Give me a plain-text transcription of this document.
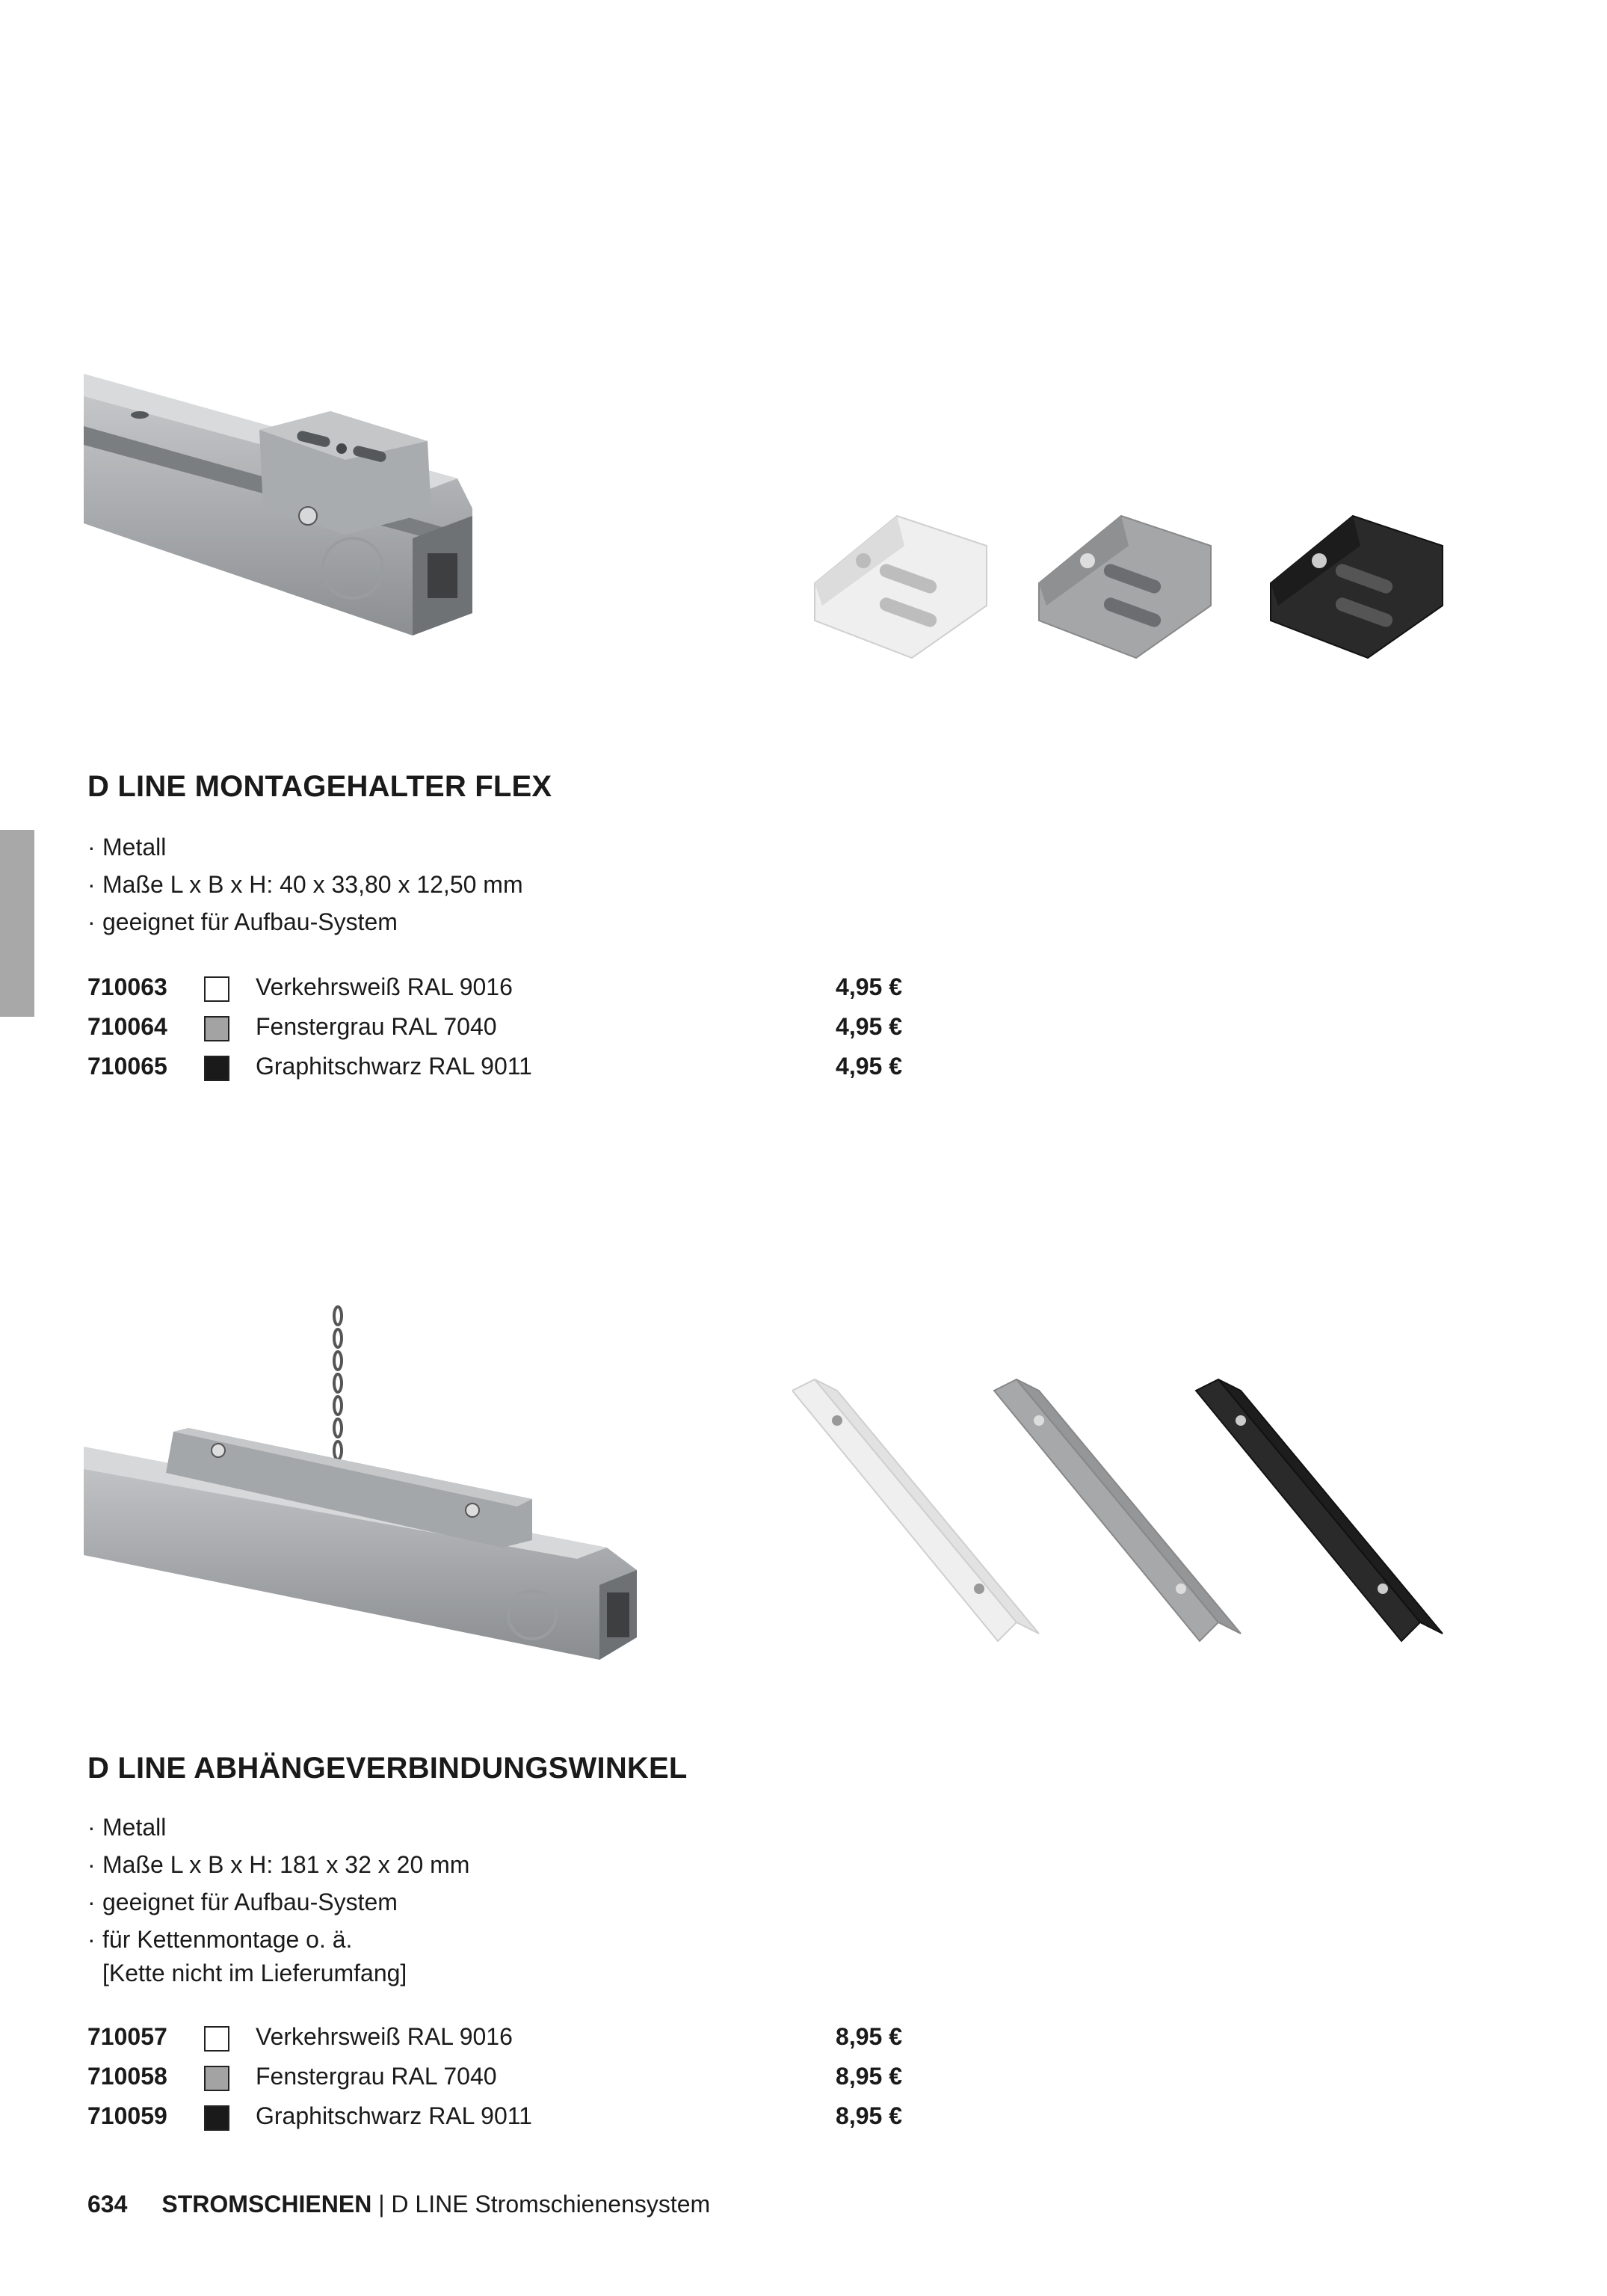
D LINE MONTAGEHALTER FLEX
· Metall
· Maße L x B x H: 40 x 33,80 x 12,50 mm
· geeignet für Aufbau-System
710063	Verkehrsweiß RAL 9016	4,95 €
710064	Fenstergrau RAL 7040	4,95 €
710065	Graphitschwarz RAL 9011	4,95 €
D LINE ABHÄNGEVERBINDUNGSWINKEL
· Metall
· Maße L x B x H: 181 x 32 x 20 mm
· geeignet für Aufbau-System
· für Kettenmontage o. ä.
[Kette nicht im Lieferumfang]
710057	Verkehrsweiß RAL 9016	8,95 €
710058	Fenstergrau RAL 7040	8,95 €
710059	Graphitschwarz RAL 9011	8,95 €
634 STROMSCHIENEN | D LINE Stromschienensystem
